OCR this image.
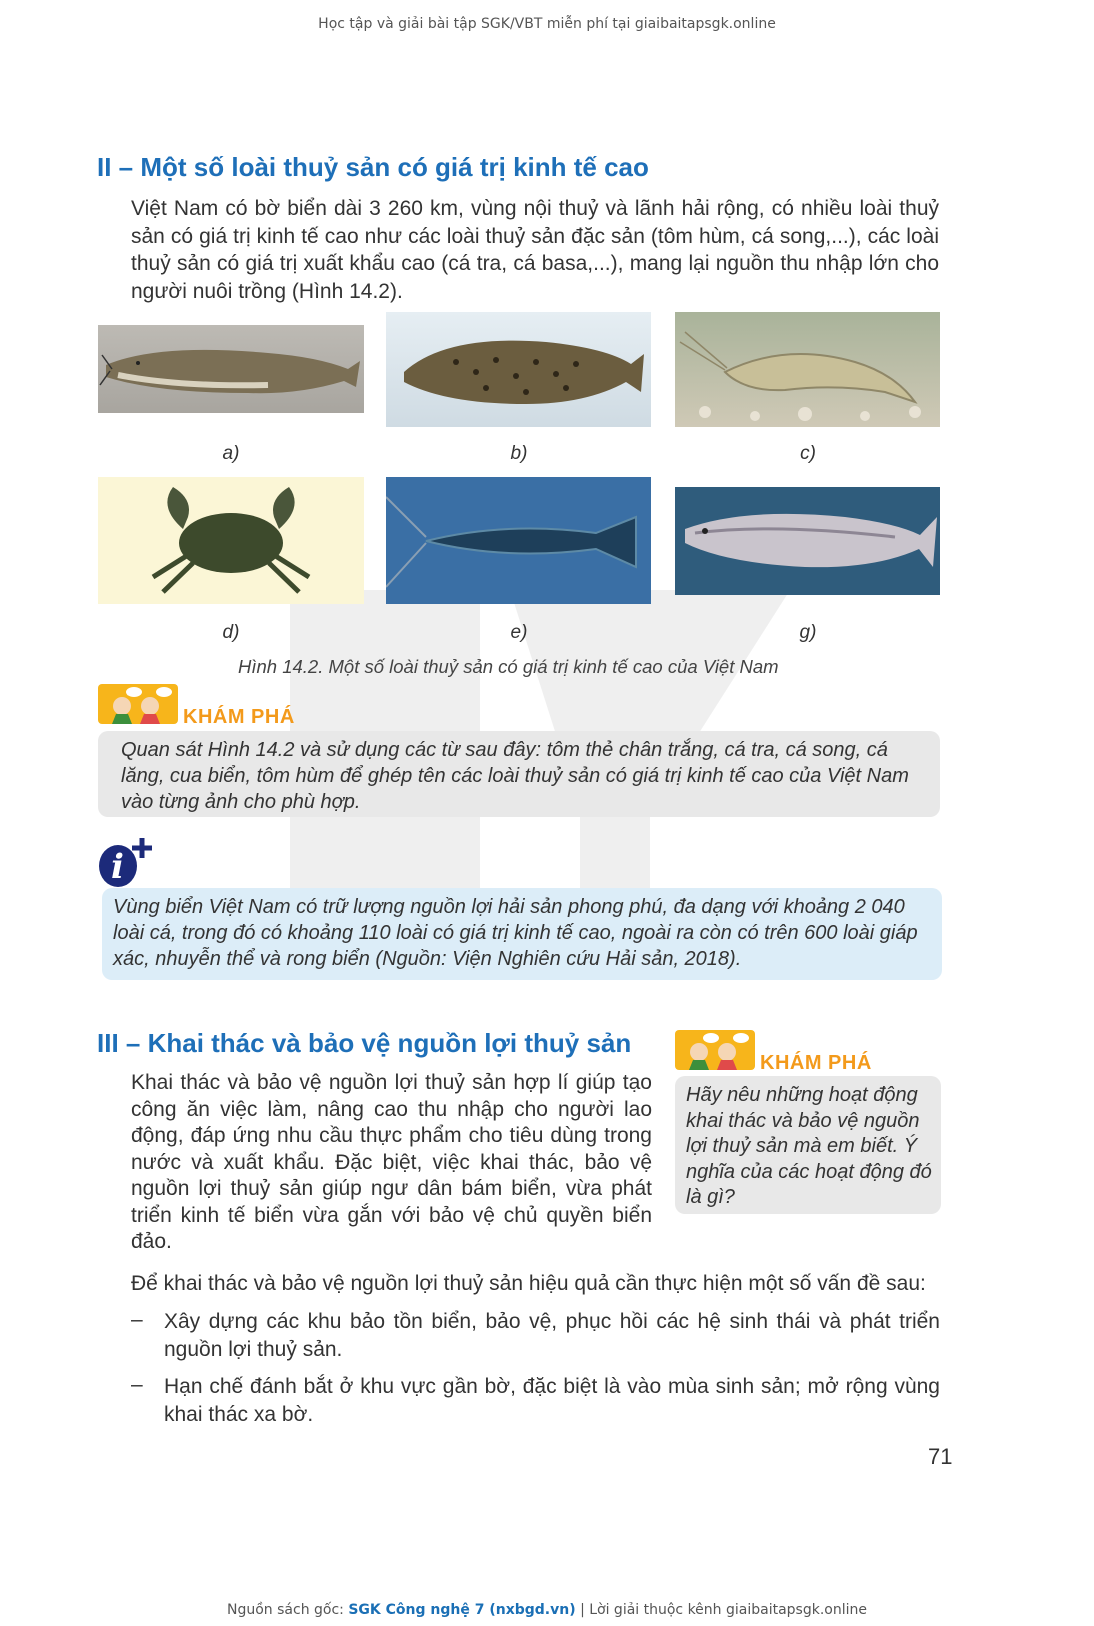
Học tập và giải bài tập SGK/VBT miễn phí tại giaibaitapsgk.online
II – Một số loài thuỷ sản có giá trị kinh tế cao
Việt Nam có bờ biển dài 3 260 km, vùng nội thuỷ và lãnh hải rộng, có nhiều loài thuỷ sản có giá trị kinh tế cao như các loài thuỷ sản đặc sản (tôm hùm, cá song,...), các loài thuỷ sản có giá trị xuất khẩu cao (cá tra, cá basa,...), mang lại nguồn thu nhập lớn cho người nuôi trồng (Hình 14.2).
a)	b)	c)
d)	e)	g)
Hình 14.2. Một số loài thuỷ sản có giá trị kinh tế cao của Việt Nam
KHÁM PHÁ
Quan sát Hình 14.2 và sử dụng các từ sau đây: tôm thẻ chân trắng, cá tra, cá song, cá lăng, cua biển, tôm hùm để ghép tên các loài thuỷ sản có giá trị kinh tế cao của Việt Nam vào từng ảnh cho phù hợp.
i
Vùng biển Việt Nam có trữ lượng nguồn lợi hải sản phong phú, đa dạng với khoảng 2 040 loài cá, trong đó có khoảng 110 loài có giá trị kinh tế cao, ngoài ra còn có trên 600 loài giáp xác, nhuyễn thể và rong biển (Nguồn: Viện Nghiên cứu Hải sản, 2018).
III – Khai thác và bảo vệ nguồn lợi thuỷ sản
Khai thác và bảo vệ nguồn lợi thuỷ sản hợp lí giúp tạo công ăn việc làm, nâng cao thu nhập cho người lao động, đáp ứng nhu cầu thực phẩm cho tiêu dùng trong nước và xuất khẩu. Đặc biệt, việc khai thác, bảo vệ nguồn lợi thuỷ sản giúp ngư dân bám biển, vừa phát triển kinh tế biển vừa gắn với bảo vệ chủ quyền biển đảo.
KHÁM PHÁ
Hãy nêu những hoạt động khai thác và bảo vệ nguồn lợi thuỷ sản mà em biết. Ý nghĩa của các hoạt động đó là gì?
Để khai thác và bảo vệ nguồn lợi thuỷ sản hiệu quả cần thực hiện một số vấn đề sau:
– Xây dựng các khu bảo tồn biển, bảo vệ, phục hồi các hệ sinh thái và phát triển nguồn lợi thuỷ sản.
– Hạn chế đánh bắt ở khu vực gần bờ, đặc biệt là vào mùa sinh sản; mở rộng vùng khai thác xa bờ.
71
Nguồn sách gốc: SGK Công nghệ 7 (nxbgd.vn) | Lời giải thuộc kênh giaibaitapsgk.online
